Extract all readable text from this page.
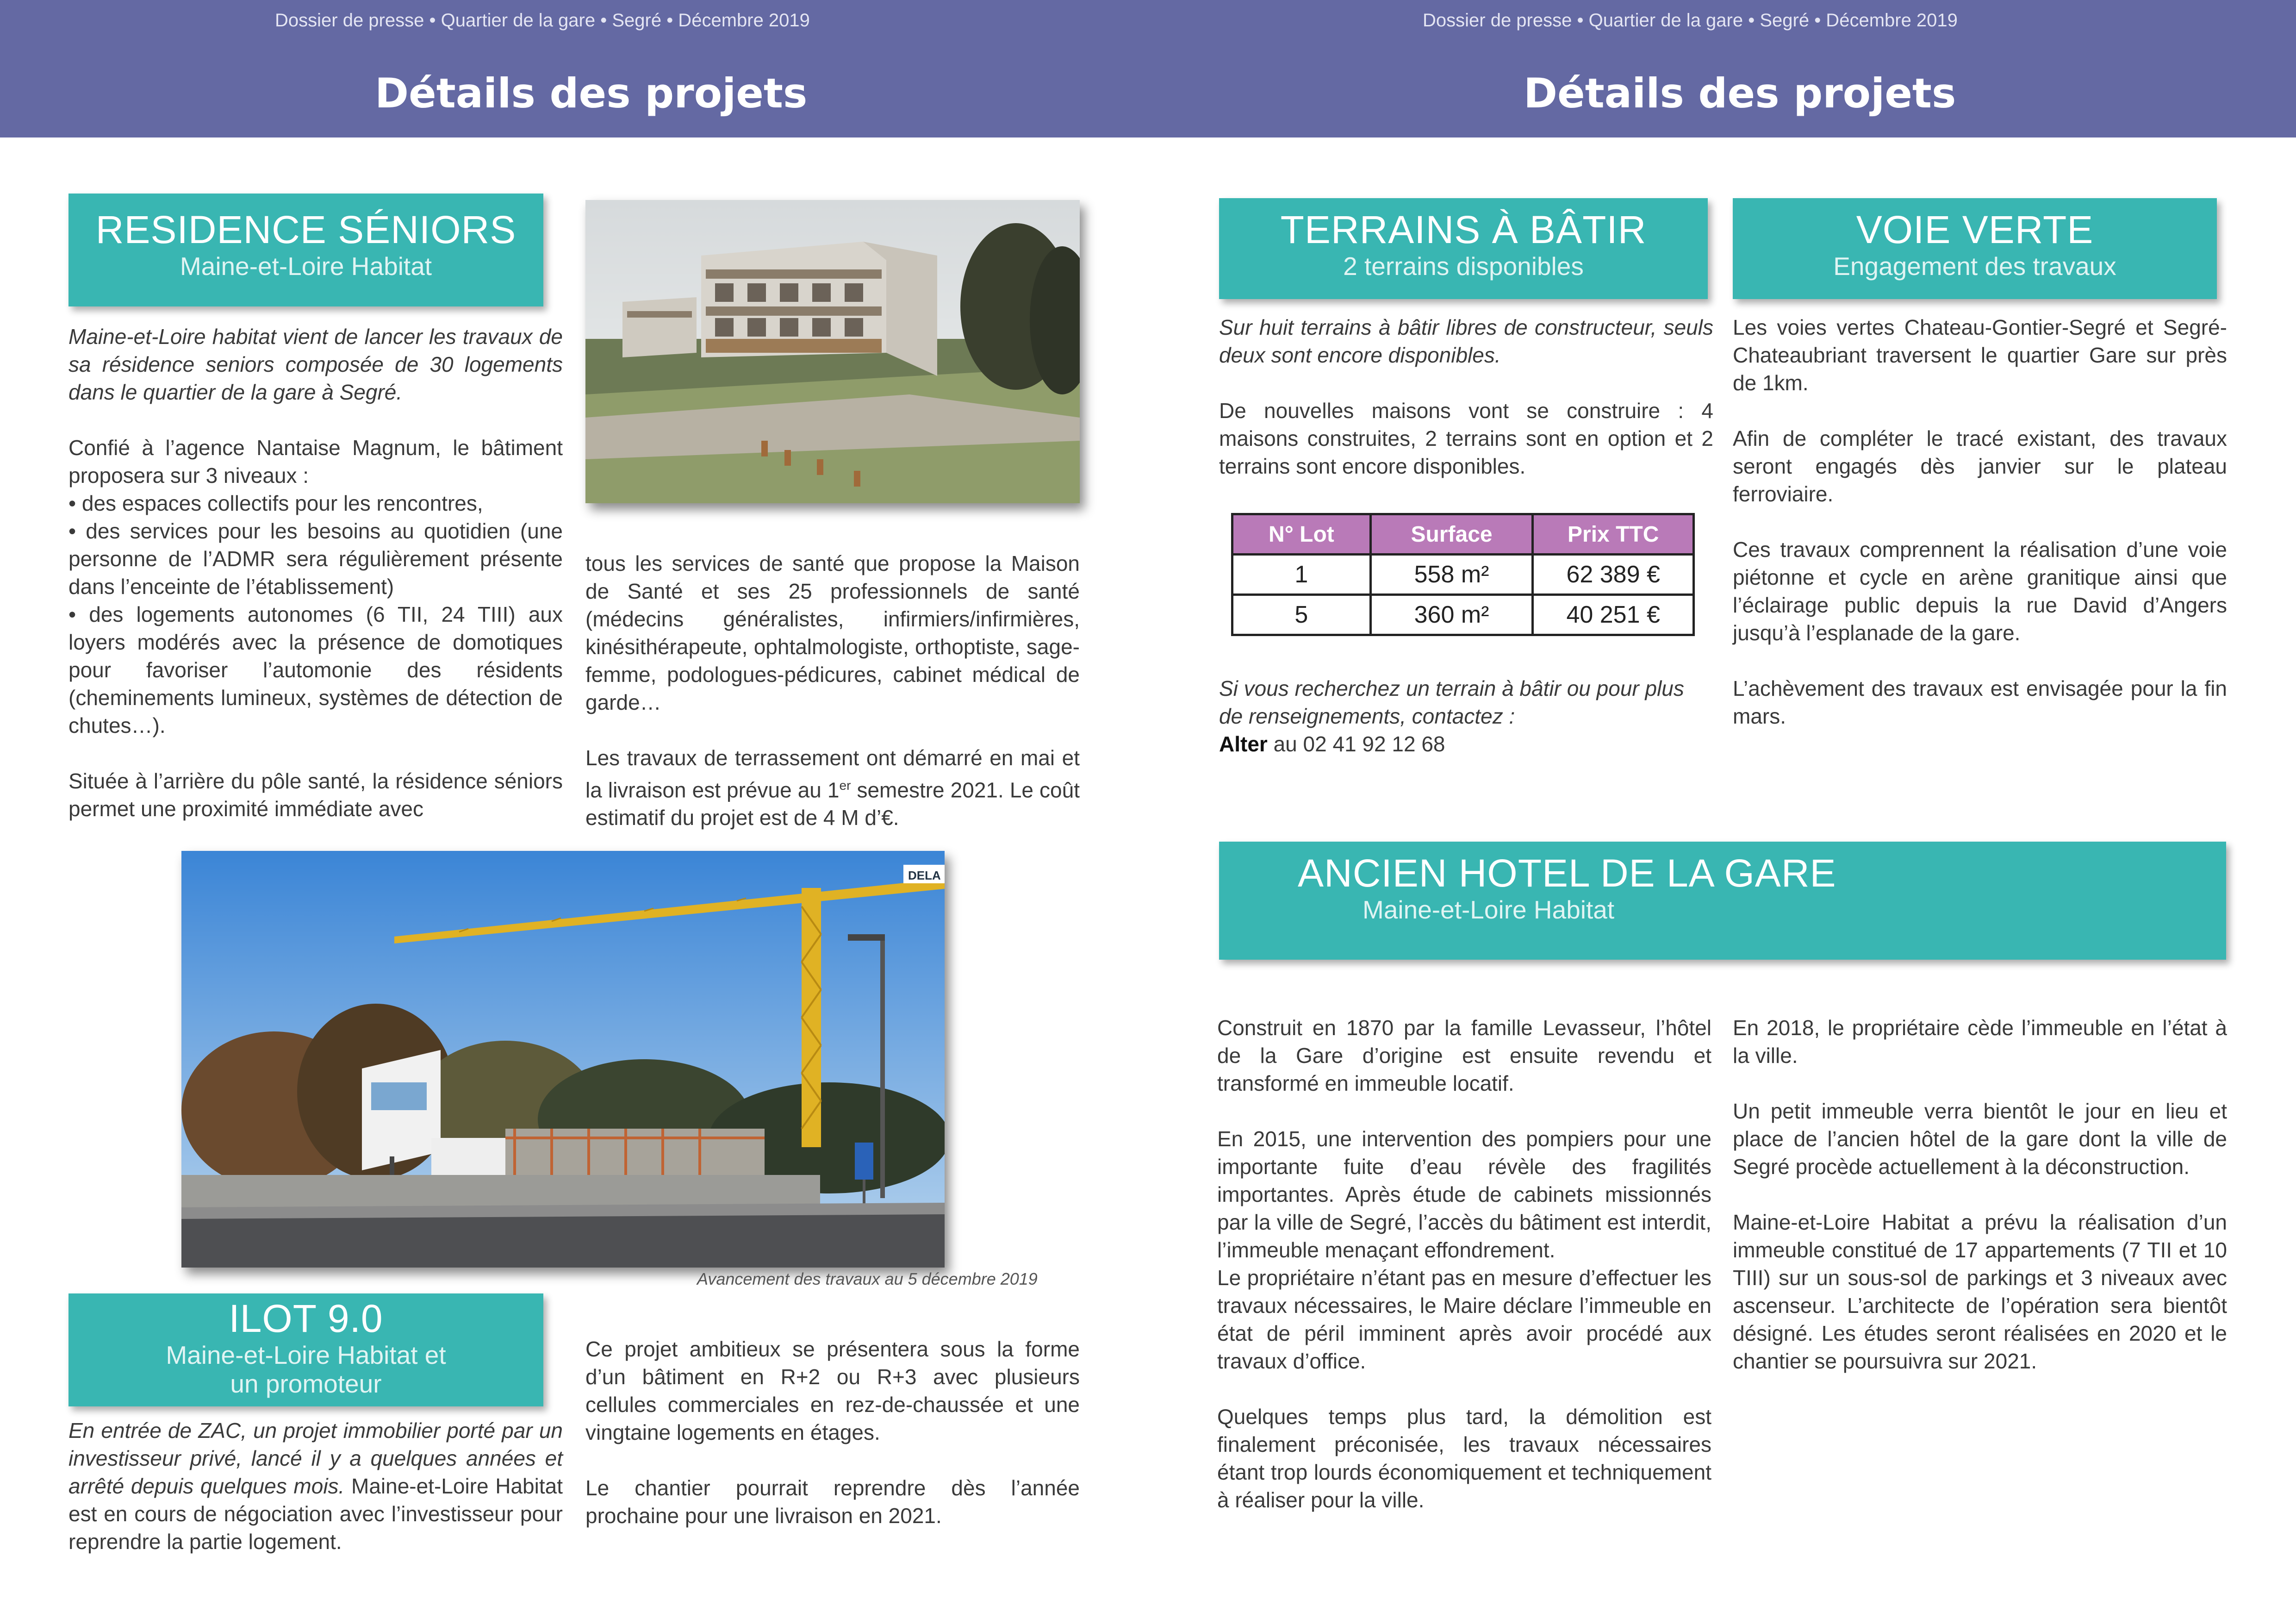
Dossier de presse • Quartier de la gare • Segré • Décembre 2019	Dossier de presse • Quartier de la gare • Segré • Décembre 2019
Détails des projets	Détails des projets
RESIDENCE SÉNIORS
Maine-et-Loire Habitat

Maine-et-Loire habitat vient de lancer les travaux de sa résidence seniors composée de 30 logements dans le quartier de la gare à Segré.

Confié à l’agence Nantaise Magnum, le bâtiment proposera sur 3 niveaux :
• des espaces collectifs pour les rencontres,
• des services pour les besoins au quotidien (une personne de l’ADMR sera régulièrement présente dans l’enceinte de l’établissement)
• des logements autonomes (6 TII, 24 TIII) aux loyers modérés avec la présence de domotiques pour favoriser l’automonie des résidents (cheminements lumineux, systèmes de détection de chutes…).

Située à l’arrière du pôle santé, la résidence séniors permet une proximité immédiate avec

tous les services de santé que propose la Maison de Santé et ses 25 professionnels de santé (médecins généralistes, infirmiers/infirmières, kinésithérapeute, ophtalmologiste, orthoptiste, sage-femme, podologues-pédicures, cabinet médical de garde…

Les travaux de terrassement ont démarré en mai et la livraison est prévue au 1er semestre 2021. Le coût estimatif du projet est de 4 M d’€.

DELA
Avancement des travaux au 5 décembre 2019
ILOT 9.0
Maine-et-Loire Habitat et
un promoteur

En entrée de ZAC, un projet immobilier porté par un investisseur privé, lancé il y a quelques années et arrêté depuis quelques mois. Maine-et-Loire Habitat est en cours de négociation avec l’investisseur pour reprendre la partie logement.

Ce projet ambitieux se présentera sous la forme d’un bâtiment en R+2 ou R+3 avec plusieurs cellules commerciales en rez-de-chaussée et une vingtaine logements en étages.

Le chantier pourrait reprendre dès l’année prochaine pour une livraison en 2021.

TERRAINS À BÂTIR
2 terrains disponibles

Sur huit terrains à bâtir libres de constructeur, seuls deux sont encore disponibles.

De nouvelles maisons vont se construire : 4 maisons construites, 2 terrains sont en option et 2 terrains sont encore disponibles.

N° Lot	Surface	Prix TTC
1	558 m²	62 389 €
5	360 m²	40 251 €
Si vous recherchez un terrain à bâtir ou pour plus de renseignements, contactez :
Alter au 02 41 92 12 68
VOIE VERTE
Engagement des travaux

Les voies vertes Chateau-Gontier-Segré et Segré-Chateaubriant traversent le quartier Gare sur près de 1km.

Afin de compléter le tracé existant, des travaux seront engagés dès janvier sur le plateau ferroviaire.

Ces travaux comprennent la réalisation d’une voie piétonne et cycle en arène granitique ainsi que l’éclairage public depuis la rue David d’Angers jusqu’à l’esplanade de la gare.

L’achèvement des travaux est envisagée pour la fin mars.

ANCIEN HOTEL DE LA GARE
Maine-et-Loire Habitat

Construit en 1870 par la famille Levasseur, l’hôtel de la Gare d’origine est ensuite revendu et transformé en immeuble locatif.

En 2015, une intervention des pompiers pour une importante fuite d’eau révèle des fragilités importantes. Après étude de cabinets missionnés par la ville de Segré, l’accès du bâtiment est interdit, l’immeuble menaçant effondrement.

Le propriétaire n’étant pas en mesure d’effectuer les travaux nécessaires, le Maire déclare l’immeuble en état de péril imminent après avoir procédé aux travaux d’office.

Quelques temps plus tard, la démolition est finalement préconisée, les travaux nécessaires étant trop lourds économiquement et techniquement à réaliser pour la ville.

En 2018, le propriétaire cède l’immeuble en l’état à la ville.

Un petit immeuble verra bientôt le jour en lieu et place de l’ancien hôtel de la gare dont la ville de Segré procède actuellement à la déconstruction.

Maine-et-Loire Habitat a prévu la réalisation d’un immeuble constitué de 17 appartements (7 TII et 10 TIII) sur un sous-sol de parkings et 3 niveaux avec ascenseur. L’architecte de l’opération sera bientôt désigné. Les études seront réalisées en 2020 et le chantier se poursuivra sur 2021.
